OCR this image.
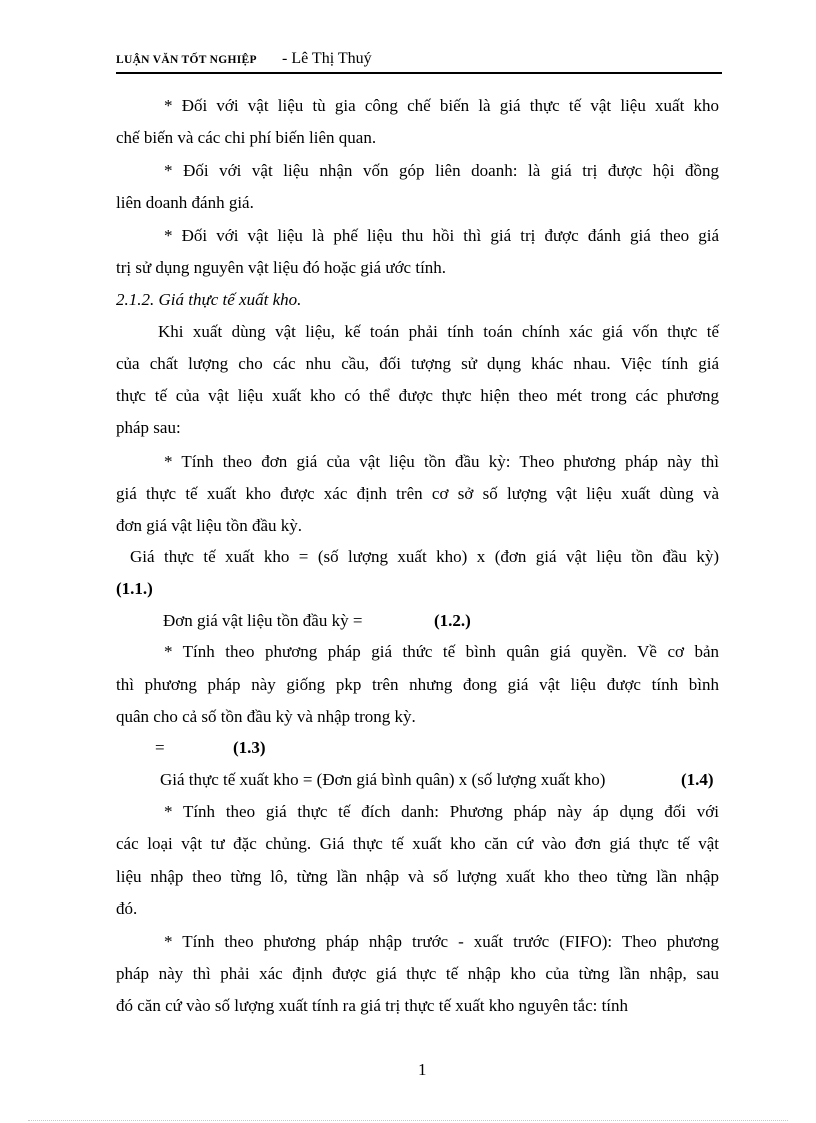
LUẬN VĂN TỐT NGHIỆP - Lê Thị Thuý

* Đối với vật liệu tù gia công chế biến là giá thực tế vật liệu xuất kho

chế biến và các chi phí biến liên quan.

* Đối với vật liệu nhận vốn góp liên doanh: là giá trị được hội đồng

liên doanh đánh giá.

* Đối với vật liệu là phế liệu thu hồi thì giá trị được đánh giá theo giá

trị sử dụng nguyên vật liệu đó hoặc giá ước tính.

2.1.2. Giá thực tế xuất kho.

Khi xuất dùng vật liệu, kế toán phải tính toán chính xác giá vốn thực tế

của chất lượng cho các nhu cầu, đối tượng sử dụng khác nhau. Việc tính giá

thực tế của vật liệu xuất kho có thể được thực hiện theo mét trong các phương

pháp sau:

* Tính theo đơn giá của vật liệu tồn đầu kỳ: Theo phương pháp này thì

giá thực tế xuất kho được xác định trên cơ sở số lượng vật liệu xuất dùng và

đơn giá vật liệu tồn đầu kỳ.

Giá thực tế xuất kho = (số lượng xuất kho) x (đơn giá vật liệu tồn đầu kỳ)

(1.1.)

Đơn giá vật liệu tồn đầu kỳ =	(1.2.)

* Tính theo phương pháp giá thức tế bình quân giá quyền. Về cơ bản

thì phương pháp này giống pkp trên nhưng đong giá vật liệu được tính bình

quân cho cả số tồn đầu kỳ và nhập trong kỳ.

=	(1.3)

Giá thực tế xuất kho = (Đơn giá bình quân) x (số lượng xuất kho)	(1.4)

* Tính theo giá thực tế đích danh: Phương pháp này áp dụng đối với

các loại vật tư đặc chủng. Giá thực tế xuất kho căn cứ vào đơn giá thực tế vật

liệu nhập theo từng lô, từng lần nhập và số lượng xuất kho theo từng lần nhập

đó.

* Tính theo phương pháp nhập trước - xuất trước (FIFO): Theo phương

pháp này thì phải xác định được giá thực tế nhập kho của từng lần nhập, sau

đó căn cứ vào số lượng xuất tính ra giá trị thực tế xuất kho nguyên tắc: tính

1
